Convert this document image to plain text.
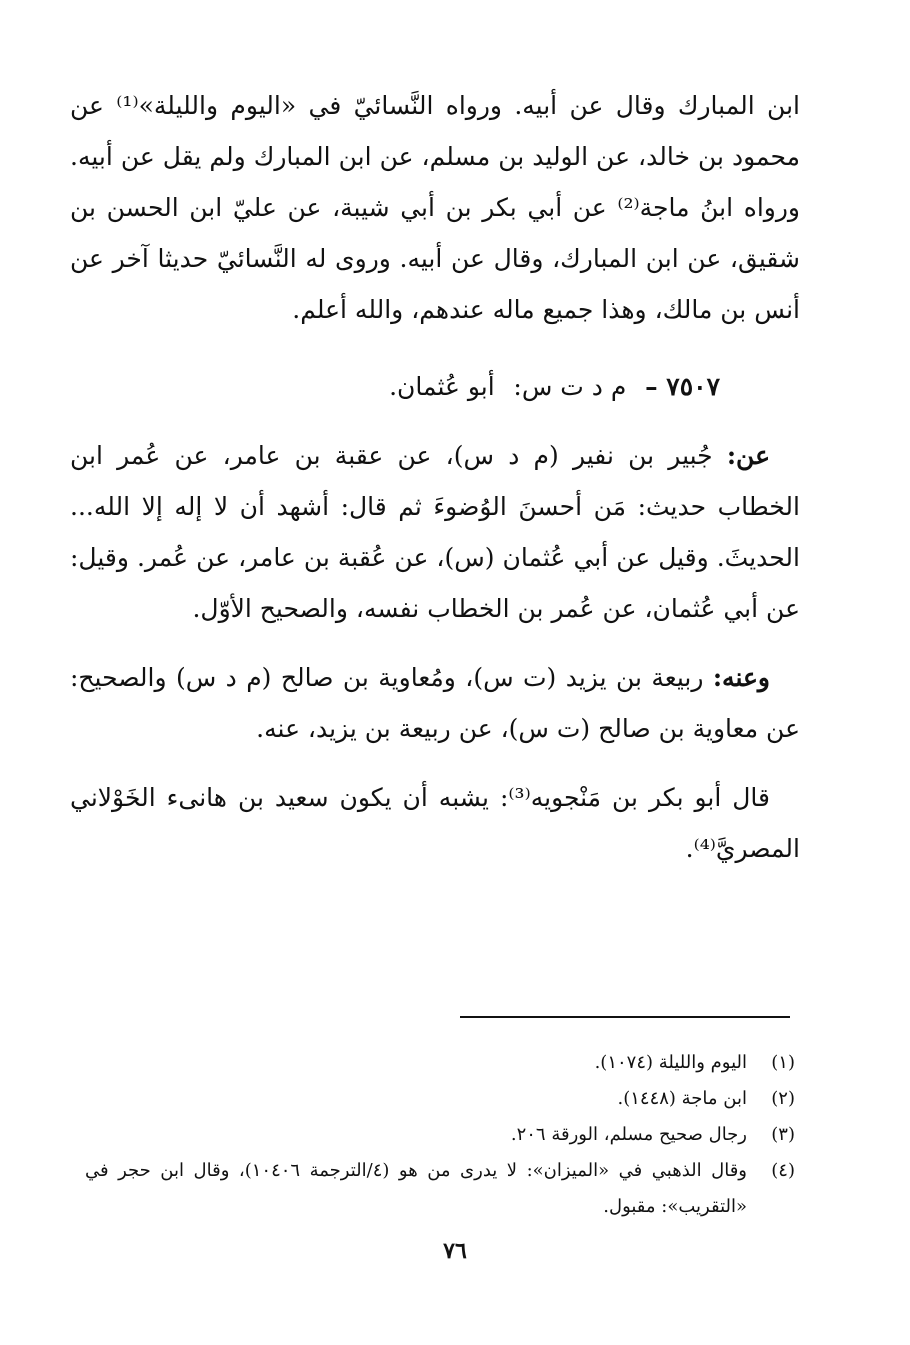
ابن المبارك وقال عن أبيه. ورواه النَّسائيّ في «اليوم والليلة»⁽¹⁾ عن محمود بن خالد، عن الوليد بن مسلم، عن ابن المبارك ولم يقل عن أبيه. ورواه ابنُ ماجة⁽²⁾ عن أبي بكر بن أبي شيبة، عن عليّ ابن الحسن بن شقيق، عن ابن المبارك، وقال عن أبيه. وروى له النَّسائيّ حديثا آخر عن أنس بن مالك، وهذا جميع ماله عندهم، والله أعلم.

٧٥٠٧ – م د ت س: أبو عُثمان.

عن: جُبير بن نفير (م د س)، عن عقبة بن عامر، عن عُمر ابن الخطاب حديث: مَن أحسنَ الوُضوءَ ثم قال: أشهد أن لا إله إلا الله... الحديثَ. وقيل عن أبي عُثمان (س)، عن عُقبة بن عامر، عن عُمر. وقيل: عن أبي عُثمان، عن عُمر بن الخطاب نفسه، والصحيح الأوّل.

وعنه: ربيعة بن يزيد (ت س)، ومُعاوية بن صالح (م د س) والصحيح: عن معاوية بن صالح (ت س)، عن ربيعة بن يزيد، عنه.

قال أبو بكر بن مَنْجويه⁽³⁾: يشبه أن يكون سعيد بن هانىء الخَوْلاني المصريَّ⁽⁴⁾.

(١)
اليوم والليلة (١٠٧٤).
(٢)
ابن ماجة (١٤٤٨).
(٣)
رجال صحيح مسلم، الورقة ٢٠٦.
(٤)
وقال الذهبي في «الميزان»: لا يدرى من هو (٤/الترجمة ١٠٤٠٦)، وقال ابن حجر في «التقريب»: مقبول.
٧٦
